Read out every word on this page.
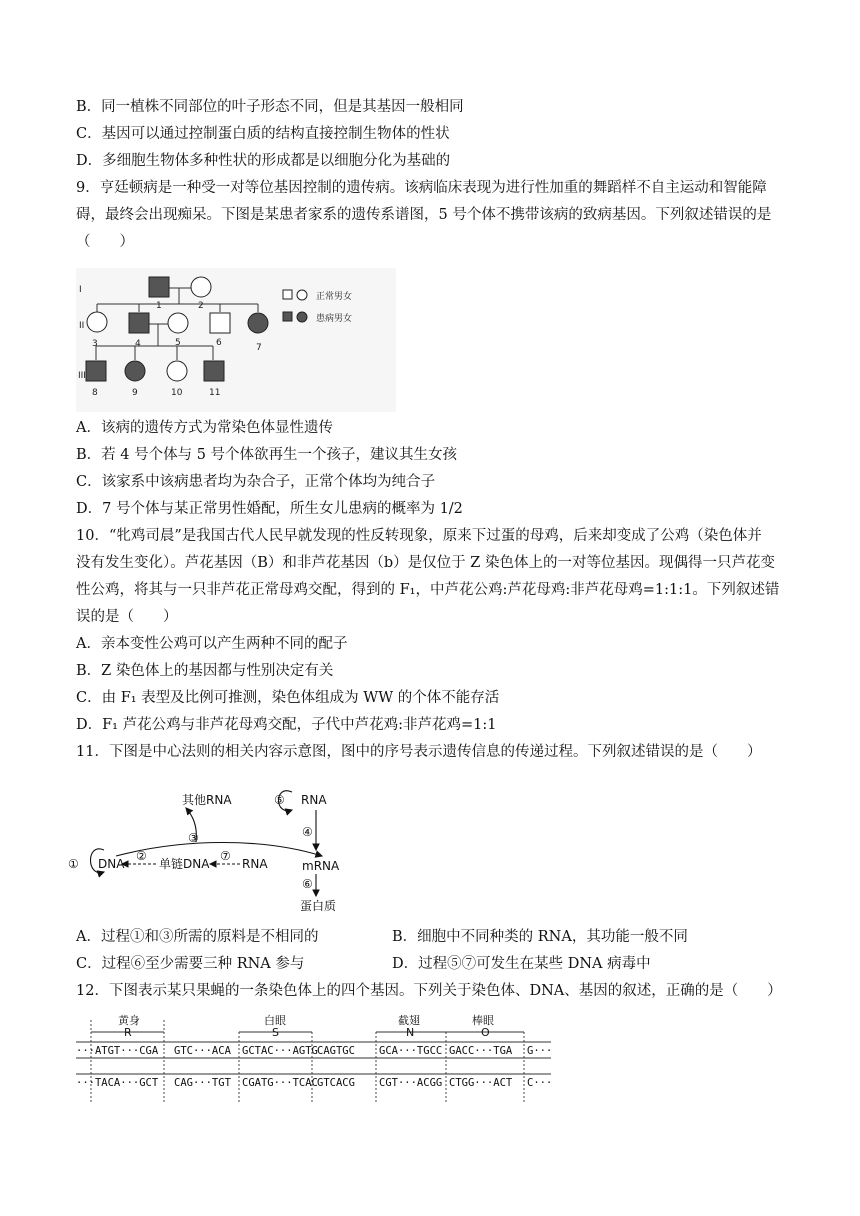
B．同一植株不同部位的叶子形态不同，但是其基因一般相同
C．基因可以通过控制蛋白质的结构直接控制生物体的性状
D．多细胞生物体多种性状的形成都是以细胞分化为基础的
9．亨廷顿病是一种受一对等位基因控制的遗传病。该病临床表现为进行性加重的舞蹈样不自主运动和智能障
碍，最终会出现痴呆。下图是某患者家系的遗传系谱图，5 号个体不携带该病的致病基因。下列叙述错误的是
（　　）
I
II
III
1	2
3	4	5	6	7
8	9	10	11
正常男女
患病男女
A．该病的遗传方式为常染色体显性遗传
B．若 4 号个体与 5 号个体欲再生一个孩子，建议其生女孩
C．该家系中该病患者均为杂合子，正常个体均为纯合子
D．7 号个体与某正常男性婚配，所生女儿患病的概率为 1/2
10．“牝鸡司晨”是我国古代人民早就发现的性反转现象，原来下过蛋的母鸡，后来却变成了公鸡（染色体并
没有发生变化）。芦花基因（B）和非芦花基因（b）是仅位于 Z 染色体上的一对等位基因。现偶得一只芦花变
性公鸡，将其与一只非芦花正常母鸡交配，得到的 F₁，中芦花公鸡:芦花母鸡:非芦花母鸡=1:1:1。下列叙述错
误的是（　　）
A．亲本变性公鸡可以产生两种不同的配子
B．Z 染色体上的基因都与性别决定有关
C．由 F₁ 表型及比例可推测，染色体组成为 WW 的个体不能存活
D．F₁ 芦花公鸡与非芦花母鸡交配，子代中芦花鸡:非芦花鸡=1:1
11．下图是中心法则的相关内容示意图，图中的序号表示遗传信息的传递过程。下列叙述错误的是（　　）
其他RNA	RNA
DNA	单链DNA	RNA	mRNA
蛋白质
①
②
③	④
⑤
⑥
⑦
A．过程①和③所需的原料是不相同的	B．细胞中不同种类的 RNA，其功能一般不同
C．过程⑥至少需要三种 RNA 参与	D．过程⑤⑦可发生在某些 DNA 病毒中
12．下图表示某只果蝇的一条染色体上的四个基因。下列关于染色体、DNA、基因的叙述，正确的是（　　）
黄身
R
白眼
S
截翅
N
棒眼
O
···ATGT···CGA GTC···ACA GCTAC···AGTG CAGTGC GCA···TGCC GACC···TGA G···
···TACA···GCT CAG···TGT CGATG···TCAC GTCACG CGT···ACGG CTGG···ACT C···
